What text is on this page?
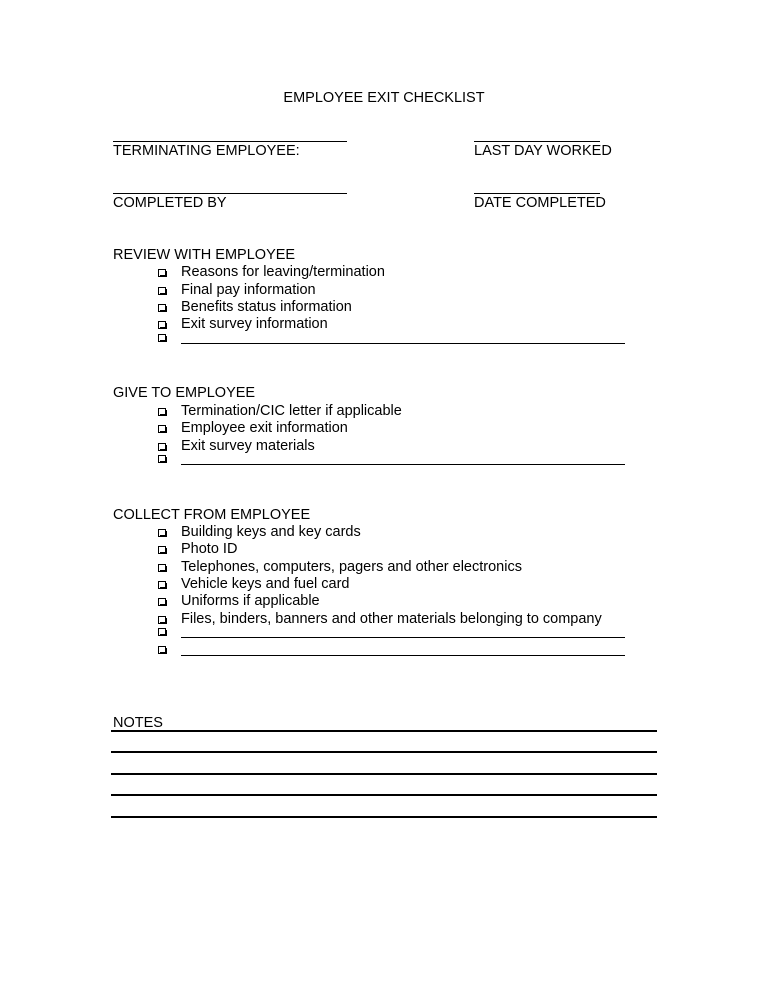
EMPLOYEE EXIT CHECKLIST
TERMINATING EMPLOYEE:	LAST DAY WORKED
COMPLETED BY	DATE COMPLETED
REVIEW WITH EMPLOYEE
Reasons for leaving/termination
Final pay information
Benefits status information
Exit survey information
GIVE TO EMPLOYEE
Termination/CIC letter if applicable
Employee exit information
Exit survey materials
COLLECT FROM EMPLOYEE
Building keys and key cards
Photo ID
Telephones, computers, pagers and other electronics
Vehicle keys and fuel card
Uniforms if applicable
Files, binders, banners and other materials belonging to company
NOTES
